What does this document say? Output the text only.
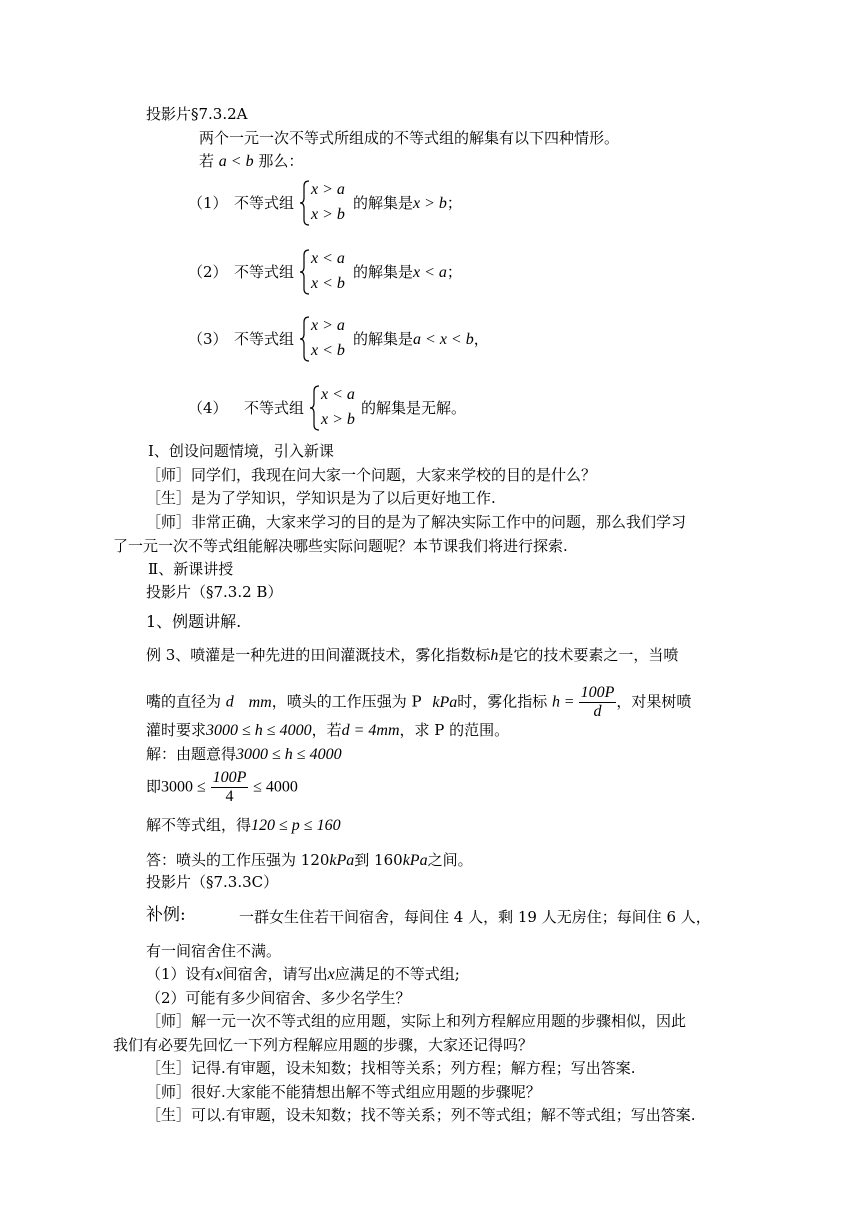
投影片§7.3.2A
两个一元一次不等式所组成的不等式组的解集有以下四种情形。
若 a < b 那么：
（1） 不等式组
x > a
x > b
的解集是x > b；
（2） 不等式组
x < a
x < b
的解集是x < a；
（3） 不等式组
x > a
x < b
的解集是a < x < b，
（4） 不等式组
x < a
x > b
的解集是无解。
Ⅰ、创设问题情境，引入新课
［师］同学们，我现在问大家一个问题，大家来学校的目的是什么？
［生］是为了学知识，学知识是为了以后更好地工作.
［师］非常正确，大家来学习的目的是为了解决实际工作中的问题，那么我们学习
了一元一次不等式组能解决哪些实际问题呢？本节课我们将进行探索.
Ⅱ、新课讲授
投影片（§7.3.2 B）
1、例题讲解.
例 3、喷灌是一种先进的田间灌溉技术，雾化指数标h是它的技术要素之一，当喷
嘴的直径为 d mm，喷头的工作压强为 P kPa时，雾化指标 $h = \frac{100P}{d}$ ，对果树喷
灌时要求3000 ≤ h ≤ 4000，若d = 4mm，求 P 的范围。
解：由题意得3000 ≤ h ≤ 4000
即$3000 \le \frac{100P}{4} \le 4000$
解不等式组，得120 ≤ p ≤ 160
答：喷头的工作压强为 120kPa到 160kPa之间。
投影片（§7.3.3C）
补例:	一群女生住若干间宿舍，每间住 4 人，剩 19 人无房住；每间住 6 人，
有一间宿舍住不满。
（1）设有x间宿舍，请写出x应满足的不等式组;
（2）可能有多少间宿舍、多少名学生？
［师］解一元一次不等式组的应用题，实际上和列方程解应用题的步骤相似，因此
我们有必要先回忆一下列方程解应用题的步骤，大家还记得吗？
［生］记得.有审题，设未知数；找相等关系；列方程；解方程；写出答案.
［师］很好.大家能不能猜想出解不等式组应用题的步骤呢？
［生］可以.有审题，设未知数；找不等关系；列不等式组；解不等式组；写出答案.
